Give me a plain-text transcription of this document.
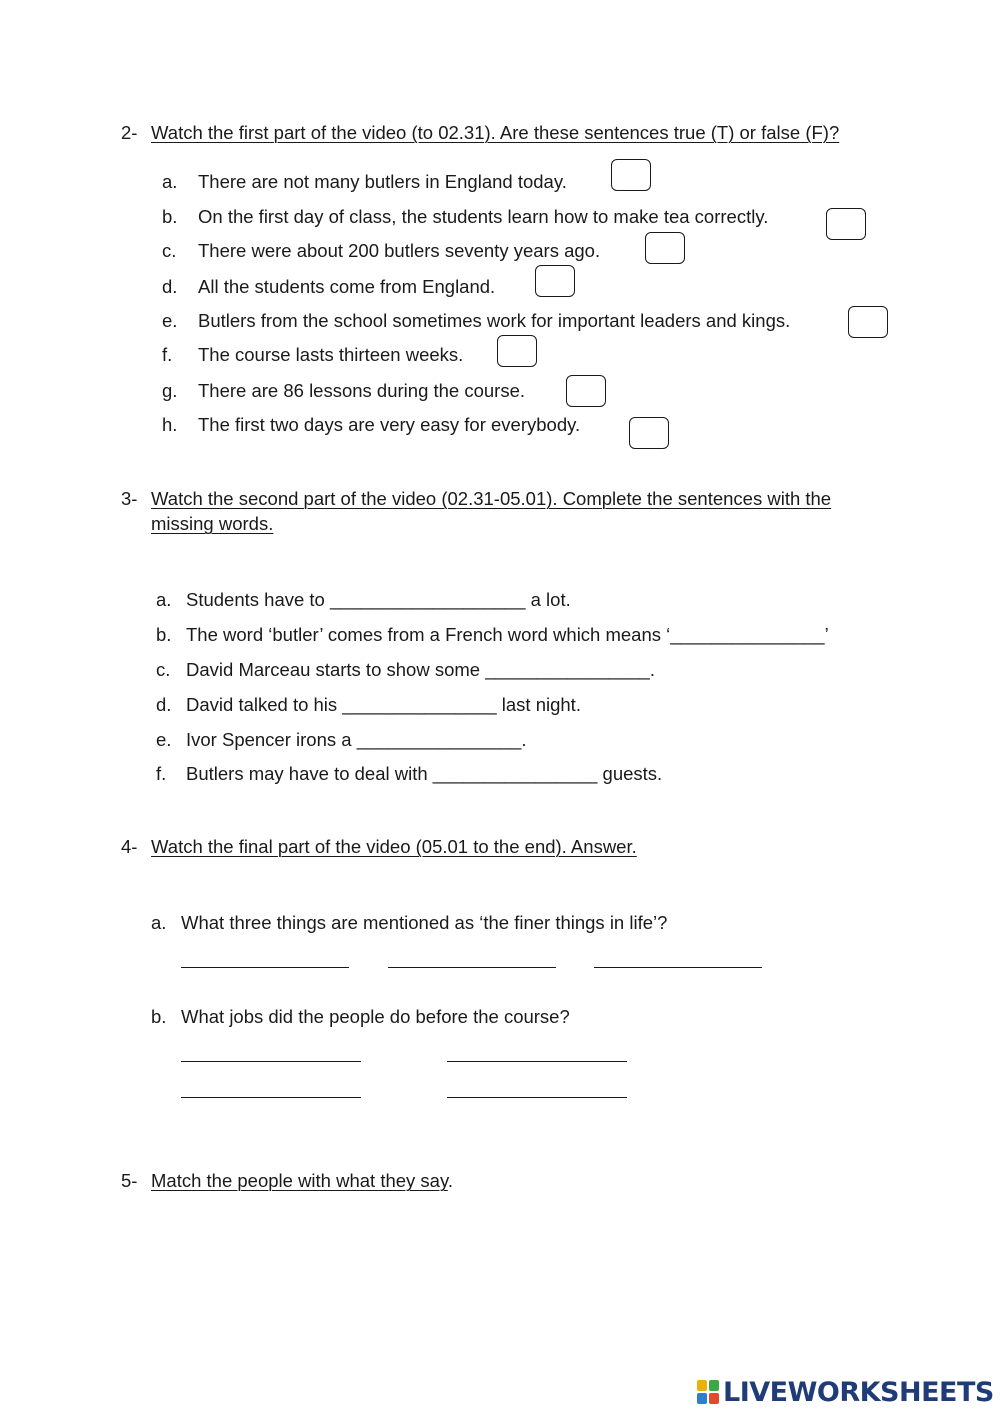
2- Watch the first part of the video (to 02.31). Are these sentences true (T) or false (F)?
a. There are not many butlers in England today.
b. On the first day of class, the students learn how to make tea correctly.
c. There were about 200 butlers seventy years ago.
d. All the students come from England.
e. Butlers from the school sometimes work for important leaders and kings.
f. The course lasts thirteen weeks.
g. There are 86 lessons during the course.
h. The first two days are very easy for everybody.
3- Watch the second part of the video (02.31-05.01). Complete the sentences with the
missing words.
a. Students have to ___________________ a lot.
b. The word ‘butler’ comes from a French word which means ‘_______________’
c. David Marceau starts to show some ________________.
d. David talked to his _______________ last night.
e. Ivor Spencer irons a ________________.
f. Butlers may have to deal with ________________ guests.
4- Watch the final part of the video (05.01 to the end). Answer.
a. What three things are mentioned as ‘the finer things in life’?
b. What jobs did the people do before the course?
5- Match the people with what they say.
LIVEWORKSHEETS
